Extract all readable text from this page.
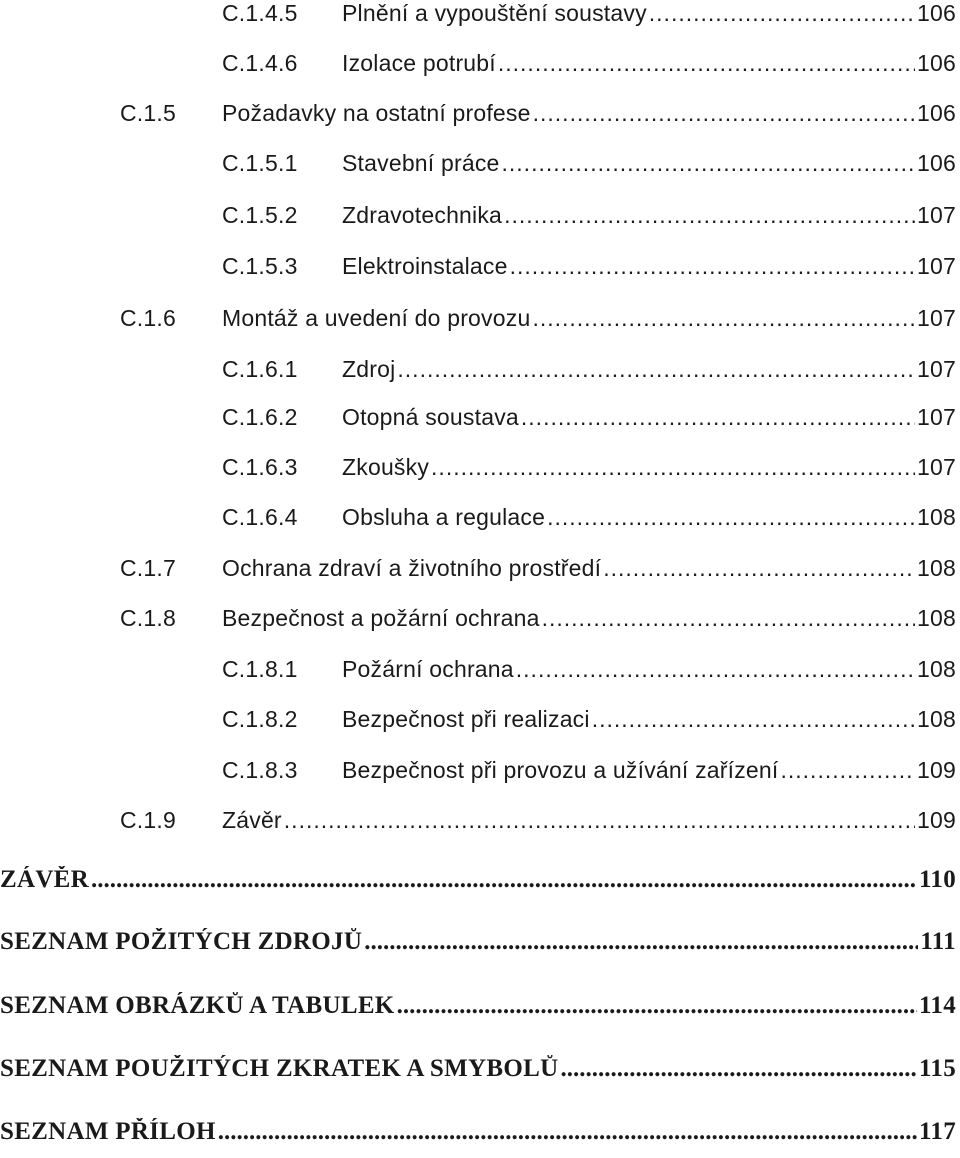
C.1.4.5	Plnění a vypouštění soustavy .....	106
C.1.4.6	Izolace potrubí .....	106
C.1.5	Požadavky na ostatní profese .....	106
C.1.5.1	Stavební práce .....	106
C.1.5.2	Zdravotechnika .....	107
C.1.5.3	Elektroinstalace .....	107
C.1.6	Montáž a uvedení do provozu .....	107
C.1.6.1	Zdroj .....	107
C.1.6.2	Otopná soustava .....	107
C.1.6.3	Zkoušky .....	107
C.1.6.4	Obsluha a regulace .....	108
C.1.7	Ochrana zdraví a životního prostředí .....	108
C.1.8	Bezpečnost a požární ochrana .....	108
C.1.8.1	Požární ochrana .....	108
C.1.8.2	Bezpečnost při realizaci .....	108
C.1.8.3	Bezpečnost při provozu a užívání zařízení .....	109
C.1.9	Závěr .....	109
ZÁVĚR .....	110
SEZNAM POŽITÝCH ZDROJŮ .....	111
SEZNAM OBRÁZKŮ A TABULEK .....	114
SEZNAM POUŽITÝCH ZKRATEK A SMYBOLŮ .....	115
SEZNAM PŘÍLOH .....	117
